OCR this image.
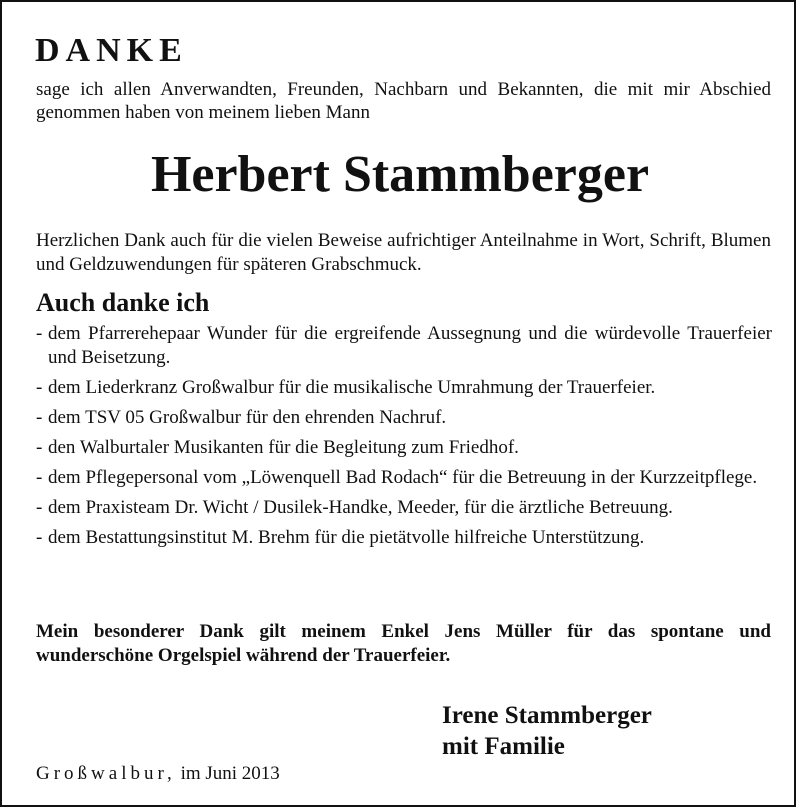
DANKE
sage ich allen Anverwandten, Freunden, Nachbarn und Bekannten, die mit mir Abschied genommen haben von meinem lieben Mann
Herbert Stammberger
Herzlichen Dank auch für die vielen Beweise aufrichtiger Anteilnahme in Wort, Schrift, Blumen und Geldzuwendungen für späteren Grabschmuck.
Auch danke ich
- dem Pfarrerehepaar Wunder für die ergreifende Aussegnung und die würdevolle Trauerfeier und Beisetzung.
- dem Liederkranz Großwalbur für die musikalische Umrahmung der Trauerfeier.
- dem TSV 05 Großwalbur für den ehrenden Nachruf.
- den Walburtaler Musikanten für die Begleitung zum Friedhof.
- dem Pflegepersonal vom „Löwenquell Bad Rodach“ für die Betreuung in der Kurzzeitpflege.
- dem Praxisteam Dr. Wicht / Dusilek-Handke, Meeder, für die ärztliche Betreuung.
- dem Bestattungsinstitut M. Brehm für die pietätvolle hilfreiche Unterstützung.
Mein besonderer Dank gilt meinem Enkel Jens Müller für das spontane und wunderschöne Orgelspiel während der Trauerfeier.
Irene Stammberger
mit Familie
Großwalbur, im Juni 2013
